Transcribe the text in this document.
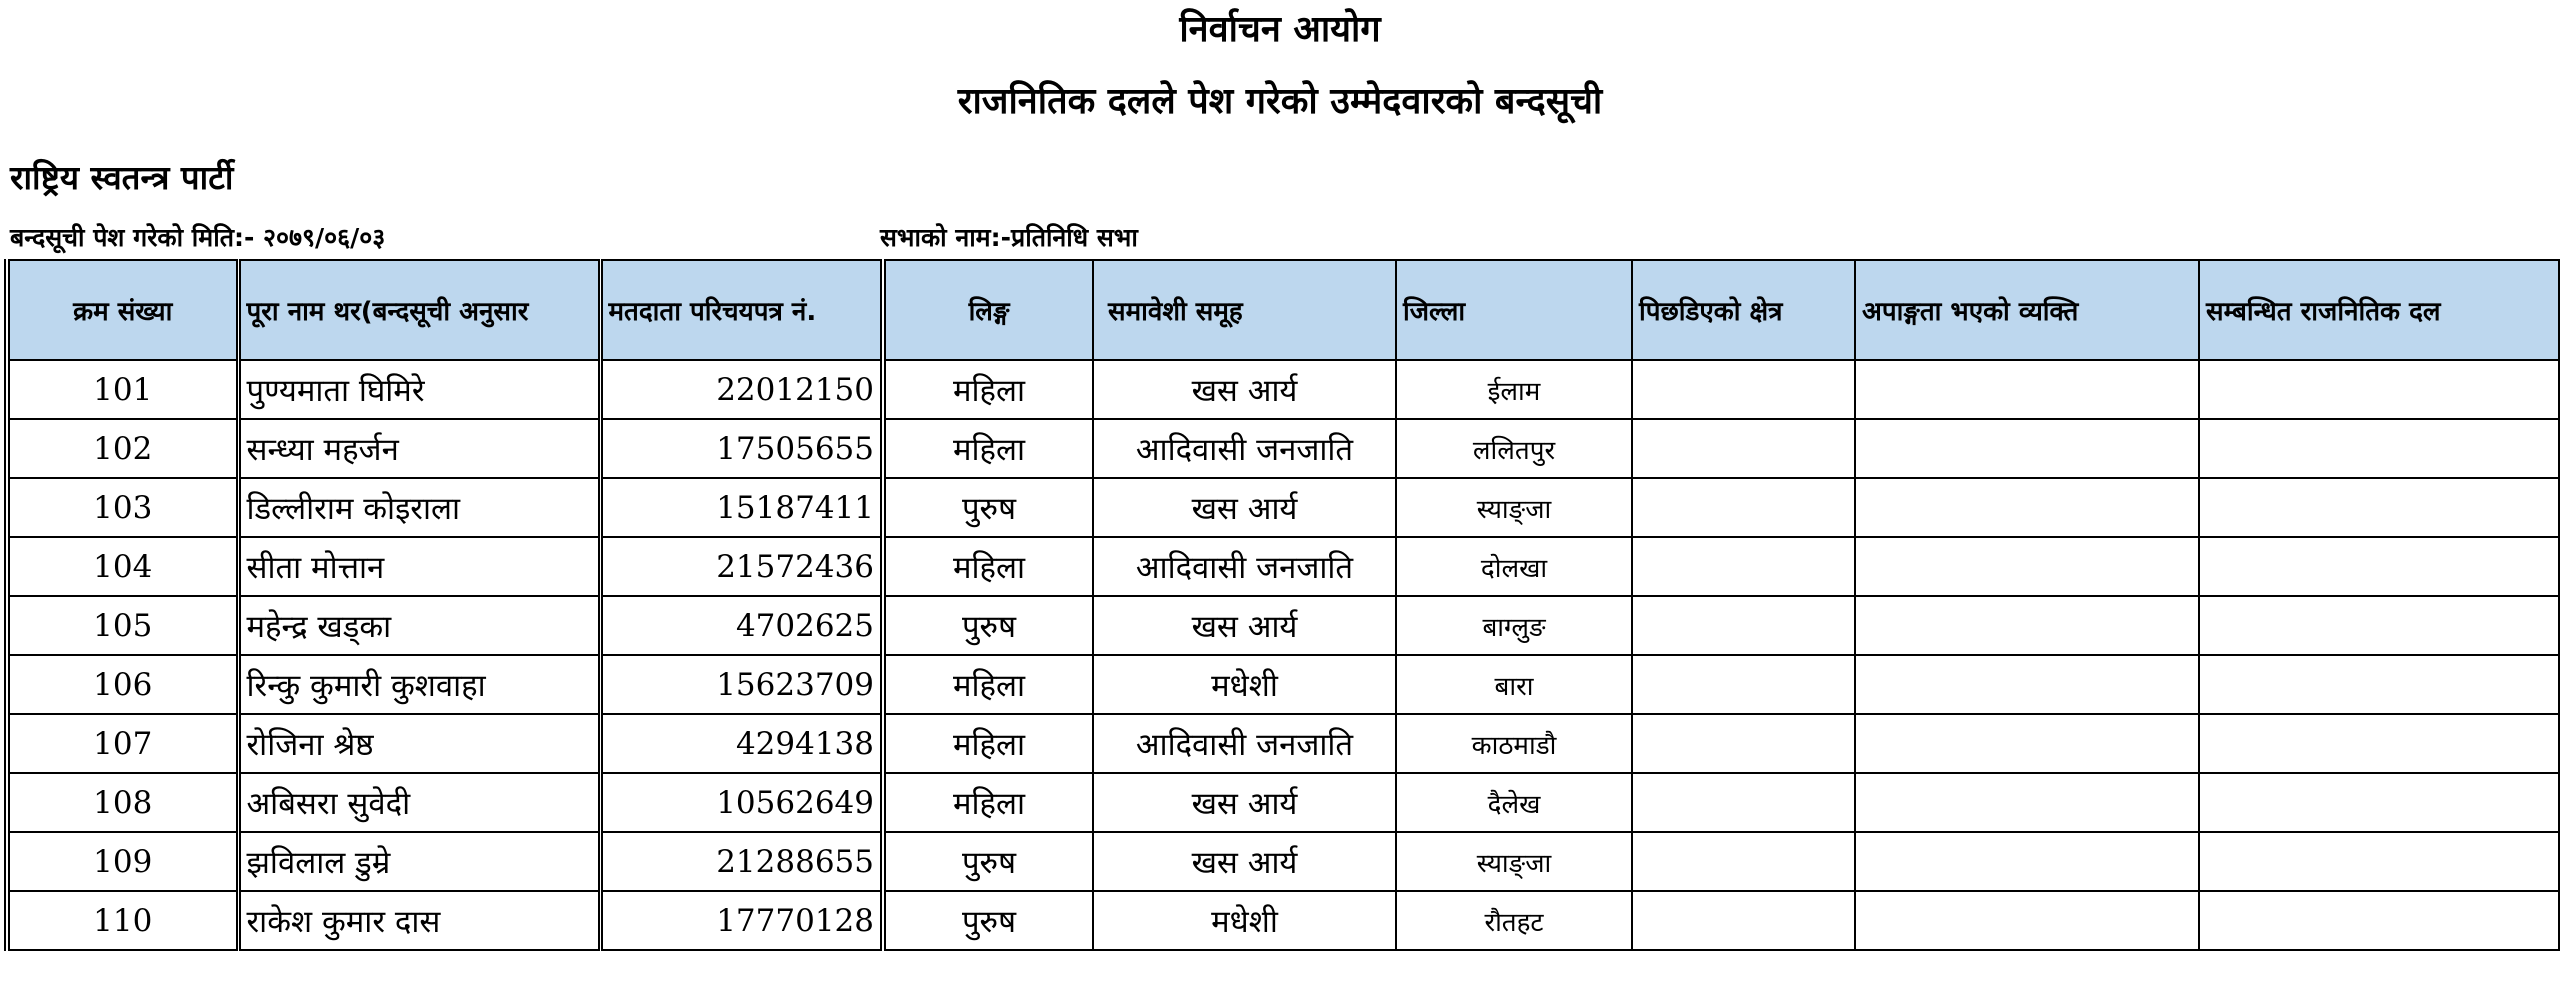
निर्वाचन आयोग
राजनितिक दलले पेश गरेको उम्मेदवारको बन्दसूची
राष्ट्रिय स्वतन्त्र पार्टी
बन्दसूची पेश गरेको मिति:- २०७९/०६/०३	सभाको नाम:-प्रतिनिधि सभा
क्रम संख्या	पूरा नाम थर(बन्दसूची अनुसार	मतदाता परिचयपत्र नं.	लिङ्ग	समावेशी समूह	जिल्ला	पिछडिएको क्षेत्र	अपाङ्गता भएको व्यक्ति	सम्बन्धित राजनितिक दल
101	पुण्यमाता घिमिरे	22012150	महिला	खस आर्य	ईलाम			
102	सन्ध्या महर्जन	17505655	महिला	आदिवासी जनजाति	ललितपुर			
103	डिल्लीराम कोइराला	15187411	पुरुष	खस आर्य	स्याङ्जा			
104	सीता मोत्तान	21572436	महिला	आदिवासी जनजाति	दोलखा			
105	महेन्द्र खड्का	4702625	पुरुष	खस आर्य	बाग्लुङ			
106	रिन्कु कुमारी कुशवाहा	15623709	महिला	मधेशी	बारा			
107	रोजिना श्रेष्ठ	4294138	महिला	आदिवासी जनजाति	काठमाडौ			
108	अबिसरा सुवेदी	10562649	महिला	खस आर्य	दैलेख			
109	झविलाल डुम्रे	21288655	पुरुष	खस आर्य	स्याङ्जा			
110	राकेश कुमार दास	17770128	पुरुष	मधेशी	रौतहट			
